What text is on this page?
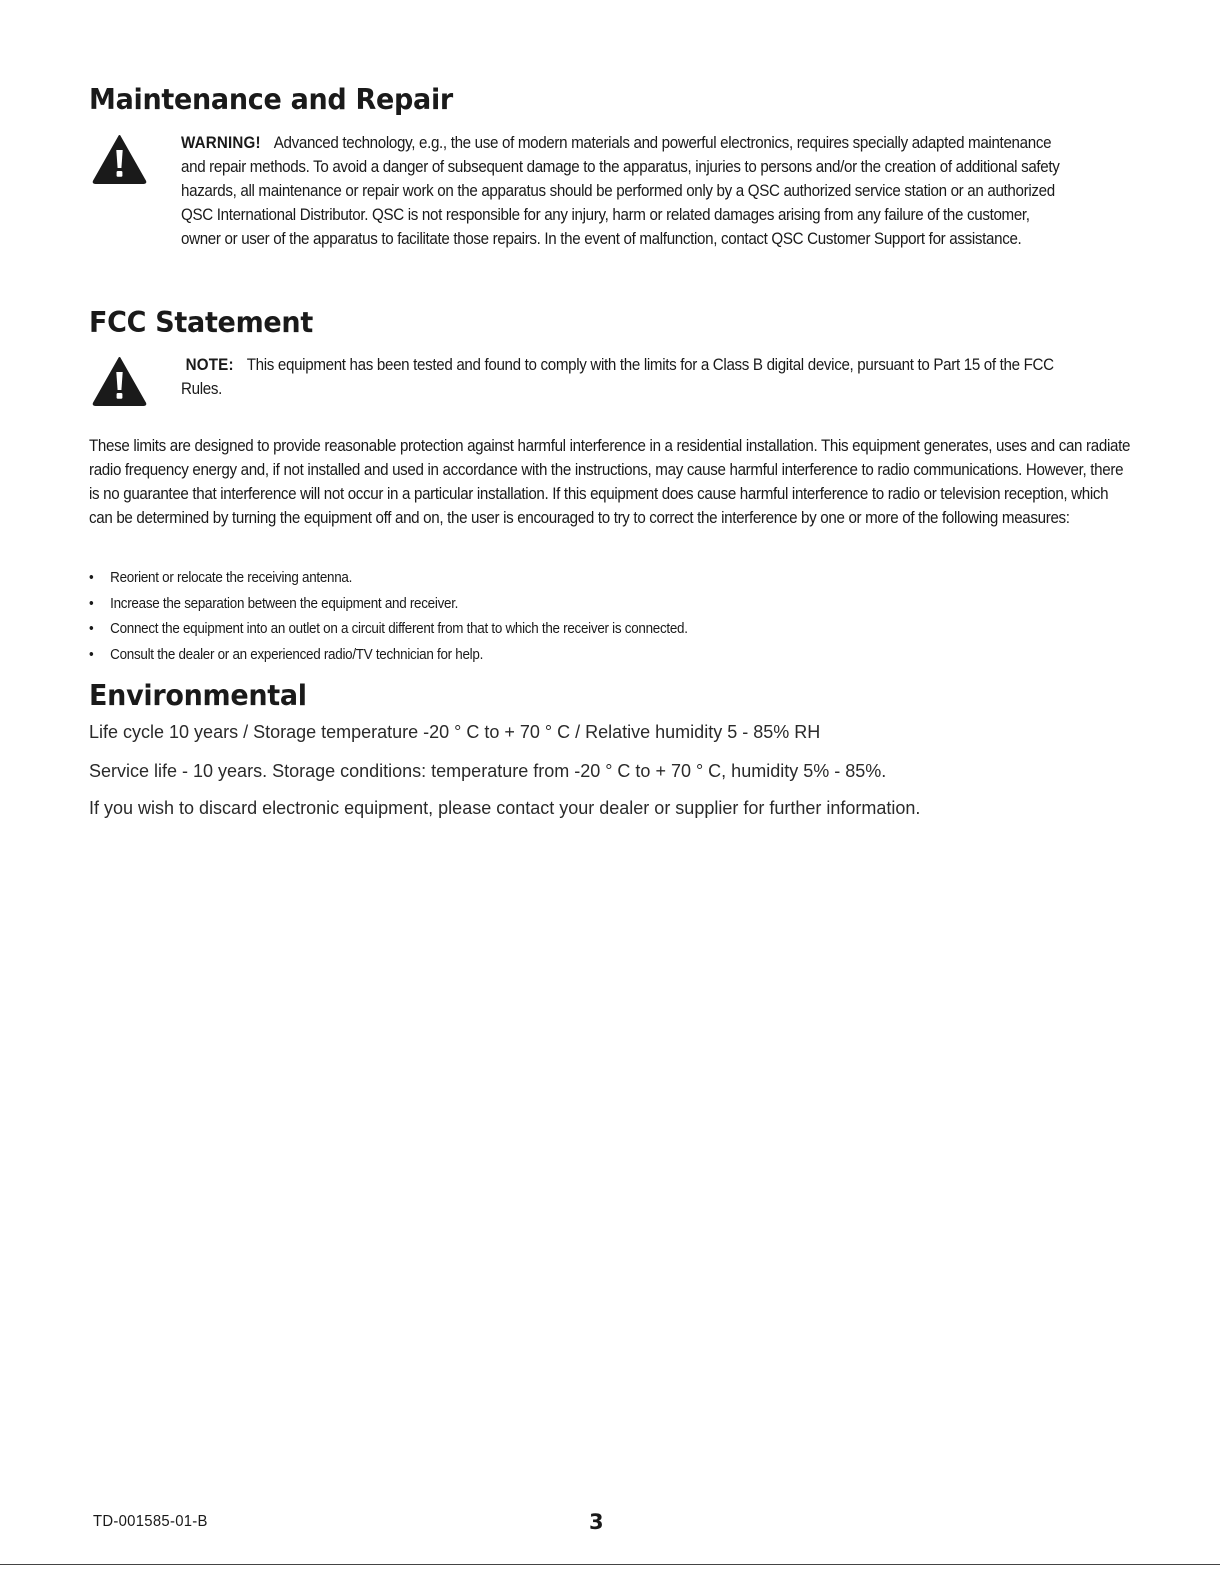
Maintenance and Repair
WARNING! Advanced technology, e.g., the use of modern materials and powerful electronics, requires specially adapted maintenance and repair methods. To avoid a danger of subsequent damage to the apparatus, injuries to persons and/or the creation of additional safety hazards, all maintenance or repair work on the apparatus should be performed only by a QSC authorized service station or an authorized QSC International Distributor. QSC is not responsible for any injury, harm or related damages arising from any failure of the customer, owner or user of the apparatus to facilitate those repairs. In the event of malfunction, contact QSC Customer Support for assistance.
FCC Statement
NOTE: This equipment has been tested and found to comply with the limits for a Class B digital device, pursuant to Part 15 of the FCC Rules.

These limits are designed to provide reasonable protection against harmful interference in a residential installation. This equipment generates, uses and can radiate radio frequency energy and, if not installed and used in accordance with the instructions, may cause harmful interference to radio communications. However, there is no guarantee that interference will not occur in a particular installation. If this equipment does cause harmful interference to radio or television reception, which can be determined by turning the equipment off and on, the user is encouraged to try to correct the interference by one or more of the following measures:

• Reorient or relocate the receiving antenna.
• Increase the separation between the equipment and receiver.
• Connect the equipment into an outlet on a circuit different from that to which the receiver is connected.
• Consult the dealer or an experienced radio/TV technician for help.
Environmental

Life cycle 10 years / Storage temperature -20 ° C to + 70 ° C / Relative humidity 5 - 85% RH

Service life - 10 years. Storage conditions: temperature from -20 ° C to + 70 ° C, humidity 5% - 85%.

If you wish to discard electronic equipment, please contact your dealer or supplier for further information.

TD-001585-01-B	3
